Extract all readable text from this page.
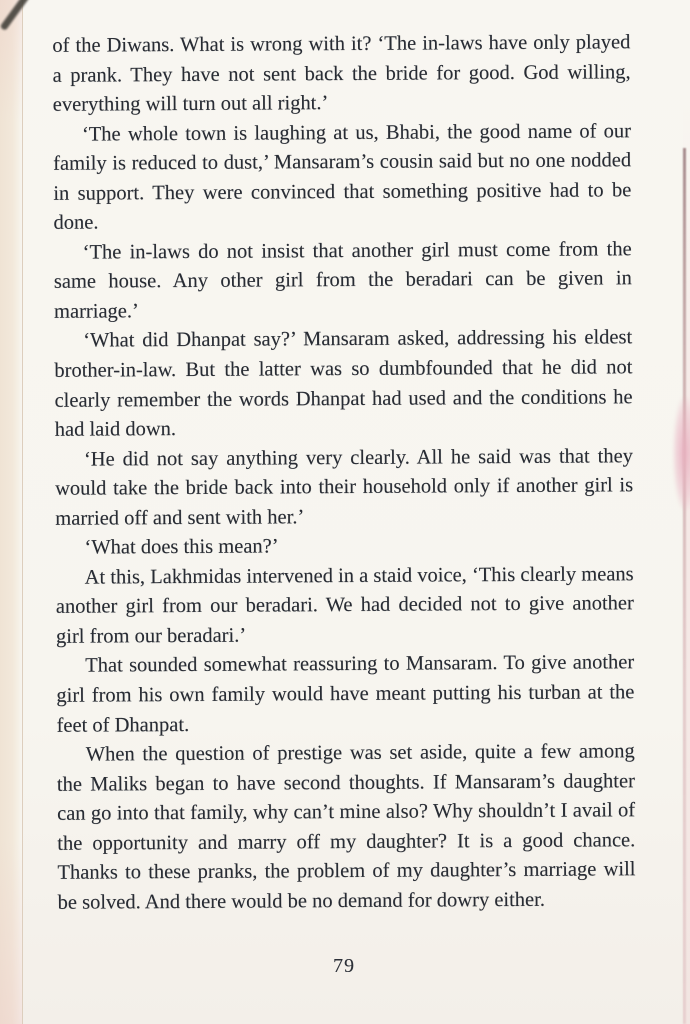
of the Diwans. What is wrong with it? ‘The in-laws have only played a prank. They have not sent back the bride for good. God willing, everything will turn out all right.’

‘The whole town is laughing at us, Bhabi, the good name of our family is reduced to dust,’ Mansaram’s cousin said but no one nodded in support. They were convinced that something positive had to be done.

‘The in-laws do not insist that another girl must come from the same house. Any other girl from the beradari can be given in marriage.’

‘What did Dhanpat say?’ Mansaram asked, addressing his eldest brother-in-law. But the latter was so dumbfounded that he did not clearly remember the words Dhanpat had used and the conditions he had laid down.

‘He did not say anything very clearly. All he said was that they would take the bride back into their household only if another girl is married off and sent with her.’

‘What does this mean?’

At this, Lakhmidas intervened in a staid voice, ‘This clearly means another girl from our beradari. We had decided not to give another girl from our beradari.’

That sounded somewhat reassuring to Mansaram. To give another girl from his own family would have meant putting his turban at the feet of Dhanpat.

When the question of prestige was set aside, quite a few among the Maliks began to have second thoughts. If Mansaram’s daughter can go into that family, why can’t mine also? Why shouldn’t I avail of the opportunity and marry off my daughter? It is a good chance. Thanks to these pranks, the problem of my daughter’s marriage will be solved. And there would be no demand for dowry either.

79
